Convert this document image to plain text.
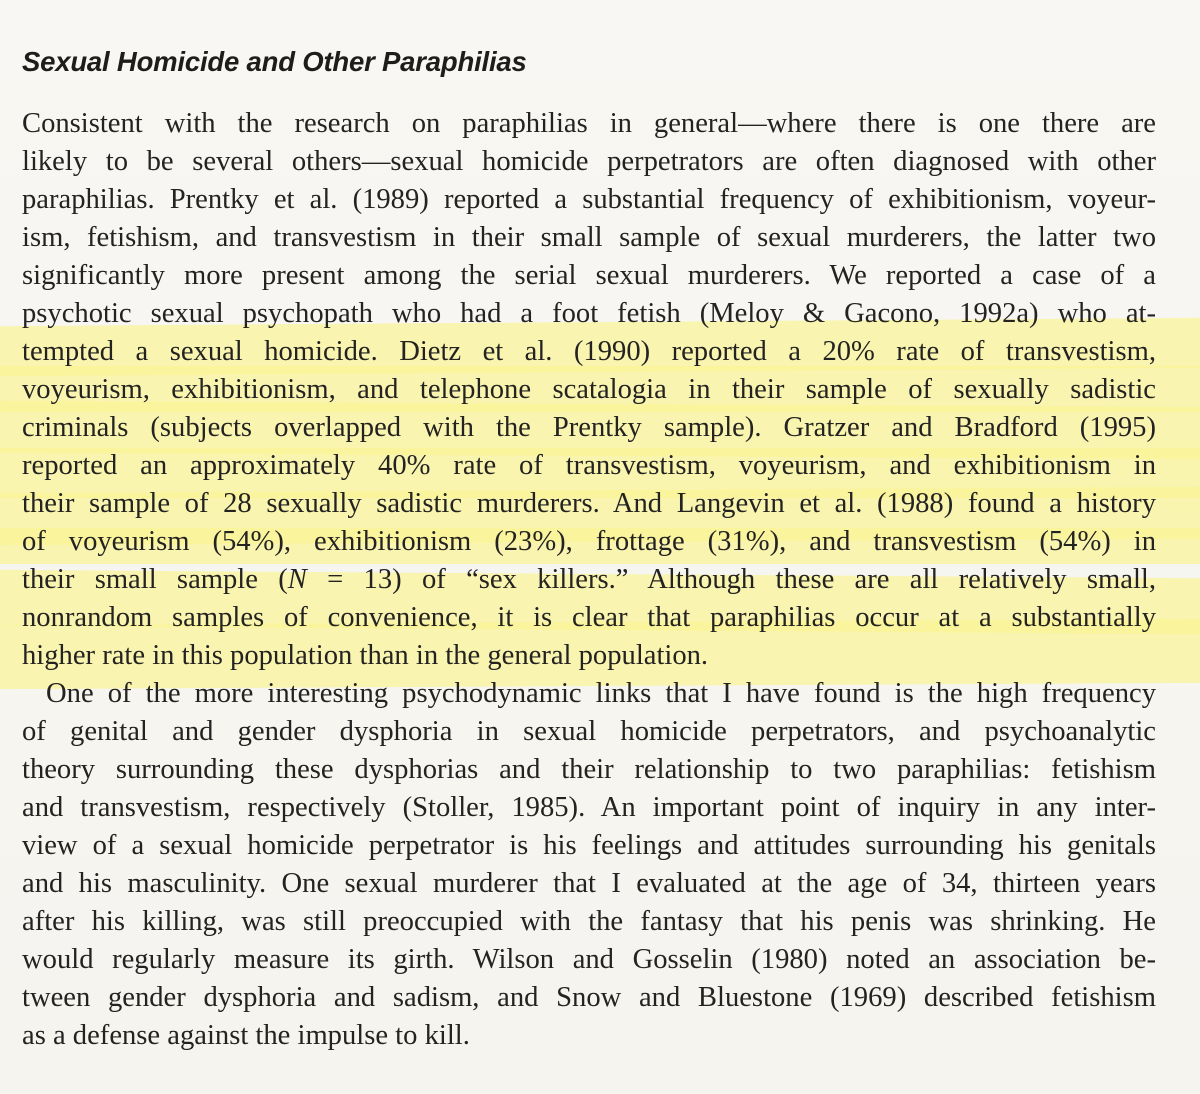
Sexual Homicide and Other Paraphilias
Consistent with the research on paraphilias in general—where there is one there are
likely to be several others—sexual homicide perpetrators are often diagnosed with other
paraphilias. Prentky et al. (1989) reported a substantial frequency of exhibitionism, voyeur-
ism, fetishism, and transvestism in their small sample of sexual murderers, the latter two
significantly more present among the serial sexual murderers. We reported a case of a
psychotic sexual psychopath who had a foot fetish (Meloy & Gacono, 1992a) who at-
tempted a sexual homicide. Dietz et al. (1990) reported a 20% rate of transvestism,
voyeurism, exhibitionism, and telephone scatalogia in their sample of sexually sadistic
criminals (subjects overlapped with the Prentky sample). Gratzer and Bradford (1995)
reported an approximately 40% rate of transvestism, voyeurism, and exhibitionism in
their sample of 28 sexually sadistic murderers. And Langevin et al. (1988) found a history
of voyeurism (54%), exhibitionism (23%), frottage (31%), and transvestism (54%) in
their small sample (N = 13) of “sex killers.” Although these are all relatively small,
nonrandom samples of convenience, it is clear that paraphilias occur at a substantially
higher rate in this population than in the general population.
One of the more interesting psychodynamic links that I have found is the high frequency
of genital and gender dysphoria in sexual homicide perpetrators, and psychoanalytic
theory surrounding these dysphorias and their relationship to two paraphilias: fetishism
and transvestism, respectively (Stoller, 1985). An important point of inquiry in any inter-
view of a sexual homicide perpetrator is his feelings and attitudes surrounding his genitals
and his masculinity. One sexual murderer that I evaluated at the age of 34, thirteen years
after his killing, was still preoccupied with the fantasy that his penis was shrinking. He
would regularly measure its girth. Wilson and Gosselin (1980) noted an association be-
tween gender dysphoria and sadism, and Snow and Bluestone (1969) described fetishism
as a defense against the impulse to kill.
